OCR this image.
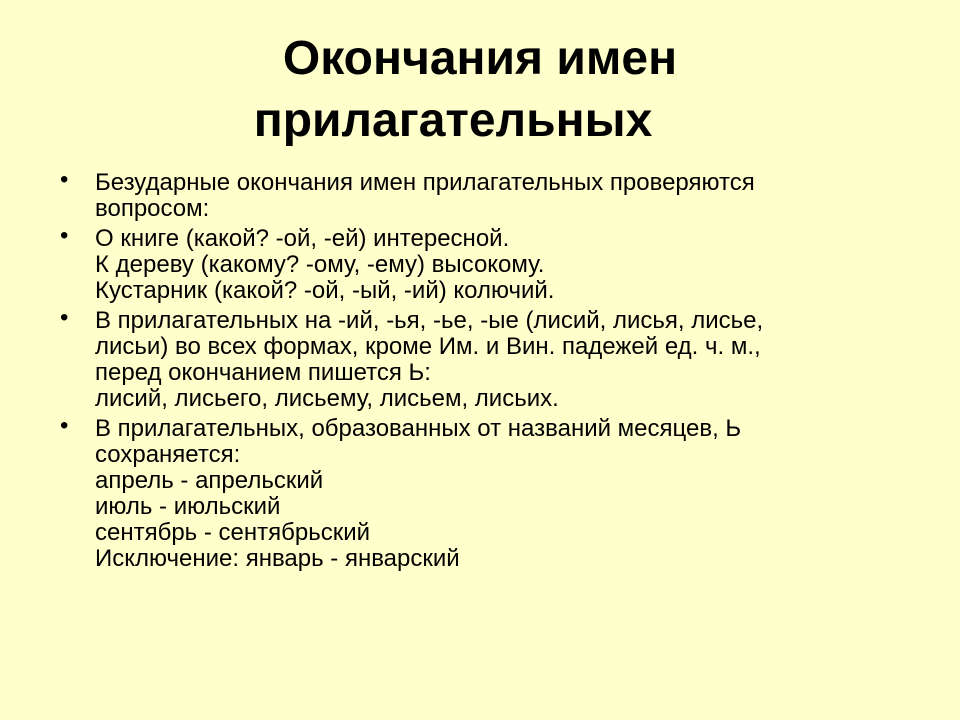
Окончания имен
прилагательных
• Безударные окончания имен прилагательных проверяются
вопросом:
• О книге (какой? -ой, -ей) интересной.
К дереву (какому? -ому, -ему) высокому.
Кустарник (какой? -ой, -ый, -ий) колючий.
• В прилагательных на -ий, -ья, -ье, -ые (лисий, лисья, лисье,
лисьи) во всех формах, кроме Им. и Вин. падежей ед. ч. м.,
перед окончанием пишется Ь:
лисий, лисьего, лисьему, лисьем, лисьих.
• В прилагательных, образованных от названий месяцев, Ь
сохраняется:
апрель - апрельский
июль - июльский
сентябрь - сентябрьский
Исключение: январь - январский
